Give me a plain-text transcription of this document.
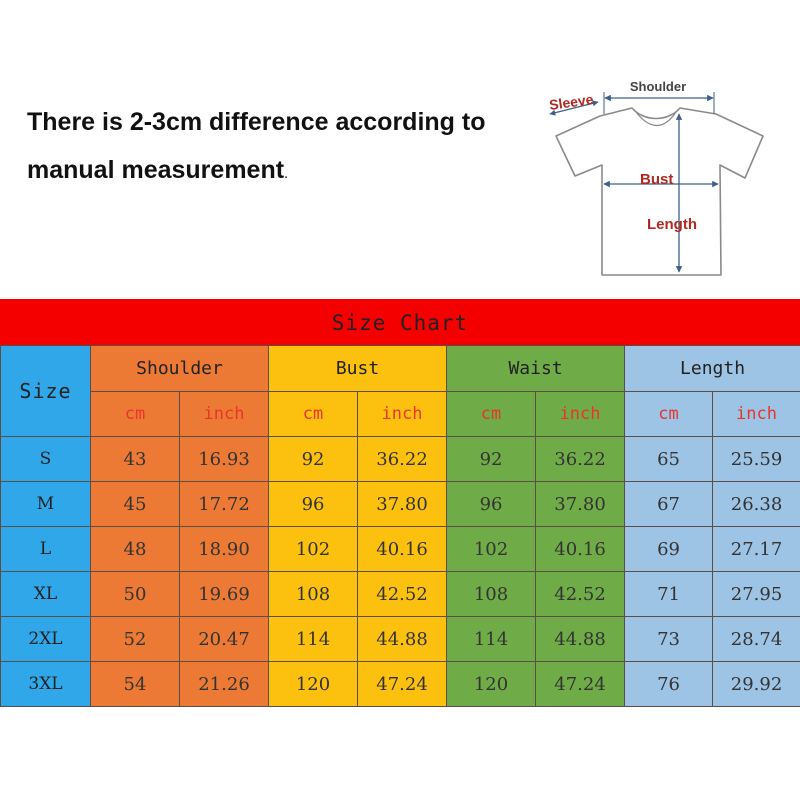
There is 2-3cm difference according to
manual measurement.
Shoulder
Sleeve
Bust
Length
Size Chart
Size	Shoulder		Bust		Waist		Length	
	cm	inch	cm	inch	cm	inch	cm	inch
S	43	16.93	92	36.22	92	36.22	65	25.59
M	45	17.72	96	37.80	96	37.80	67	26.38
L	48	18.90	102	40.16	102	40.16	69	27.17
XL	50	19.69	108	42.52	108	42.52	71	27.95
2XL	52	20.47	114	44.88	114	44.88	73	28.74
3XL	54	21.26	120	47.24	120	47.24	76	29.92
